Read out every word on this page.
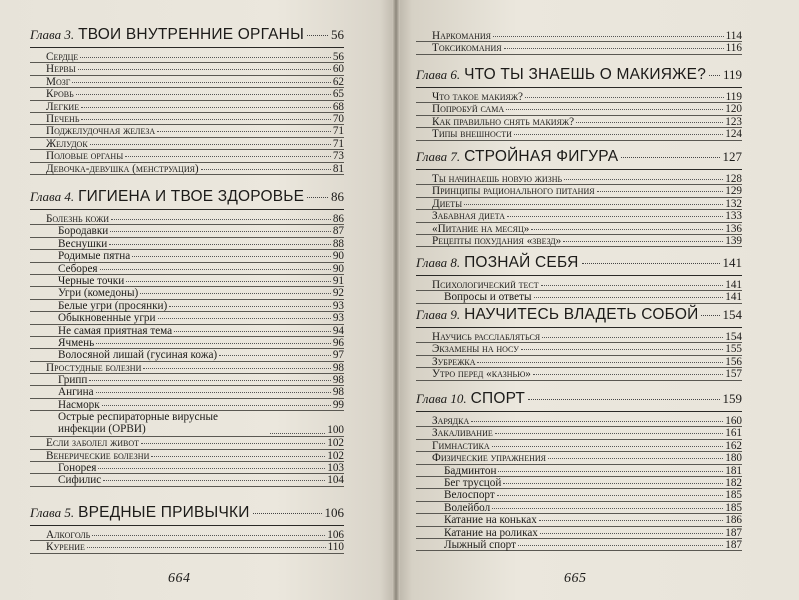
Глава 3. ТВОИ ВНУТРЕННИЕ ОРГАНЫ 56
Сердце	56
Нервы	60
Мозг	62
Кровь	65
Легкие	68
Печень	70
Поджелудочная железа	71
Желудок	71
Половые органы	73
Девочка-девушка (менструация)	81
Глава 4. ГИГИЕНА И ТВОЕ ЗДОРОВЬЕ 86
Болезнь кожи	86
Бородавки	87
Веснушки	88
Родимые пятна	90
Себорея	90
Черные точки	91
Угри (комедоны)	92
Белые угри (просянки)	93
Обыкновенные угри	93
Не самая приятная тема	94
Ячмень	96
Волосяной лишай (гусиная кожа)	97
Простудные болезни	98
Грипп	98
Ангина	98
Насморк	99
Острые респираторные вирусные инфекции (ОРВИ)	100
Если заболел живот	102
Венерические болезни	102
Гонорея	103
Сифилис	104
Глава 5. ВРЕДНЫЕ ПРИВЫЧКИ	106
Алкоголь	106
Курение	110
664
Наркомания	114
Токсикомания	116
Глава 6. ЧТО ТЫ ЗНАЕШЬ О МАКИЯЖЕ? 119
Что такое макияж?	119
Попробуй сама	120
Как правильно снять макияж?	123
Типы внешности	124
Глава 7. СТРОЙНАЯ ФИГУРА	127
Ты начинаешь новую жизнь	128
Принципы рационального питания	129
Диеты	132
Забавная диета	133
«Питание на месяц»	136
Рецепты похудания «звезд»	139
Глава 8. ПОЗНАЙ СЕБЯ	141
Психологический тест	141
Вопросы и ответы	141
Глава 9. НАУЧИТЕСЬ ВЛАДЕТЬ СОБОЙ 154
Научись расслабляться	154
Экзамены на носу	155
Зубрежка	156
Утро перед «казнью»	157
Глава 10. СПОРТ	159
Зарядка	160
Закаливание	161
Гимнастика	162
Физические упражнения	180
Бадминтон	181
Бег трусцой	182
Велоспорт	185
Волейбол	185
Катание на коньках	186
Катание на роликах	187
Лыжный спорт	187
665
